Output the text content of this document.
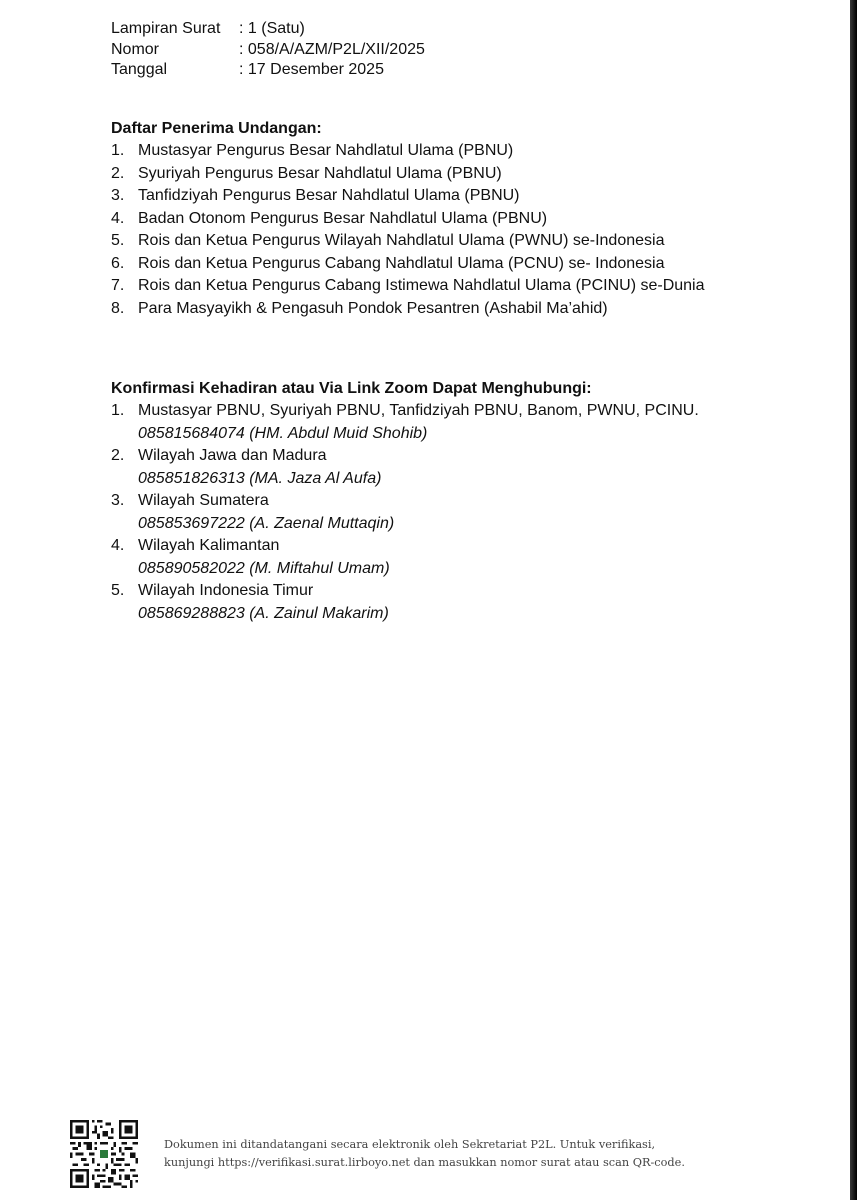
Lampiran Surat	: 1 (Satu)
Nomor	: 058/A/AZM/P2L/XII/2025
Tanggal	: 17 Desember 2025
Daftar Penerima Undangan:
1. Mustasyar Pengurus Besar Nahdlatul Ulama (PBNU)
2. Syuriyah Pengurus Besar Nahdlatul Ulama (PBNU)
3. Tanfidziyah Pengurus Besar Nahdlatul Ulama (PBNU)
4. Badan Otonom Pengurus Besar Nahdlatul Ulama (PBNU)
5. Rois dan Ketua Pengurus Wilayah Nahdlatul Ulama (PWNU) se-Indonesia
6. Rois dan Ketua Pengurus Cabang Nahdlatul Ulama (PCNU) se- Indonesia
7. Rois dan Ketua Pengurus Cabang Istimewa Nahdlatul Ulama (PCINU) se-Dunia
8. Para Masyayikh & Pengasuh Pondok Pesantren (Ashabil Ma’ahid)
Konfirmasi Kehadiran atau Via Link Zoom Dapat Menghubungi:
1. Mustasyar PBNU, Syuriyah PBNU, Tanfidziyah PBNU, Banom, PWNU, PCINU.
085815684074 (HM. Abdul Muid Shohib)
2. Wilayah Jawa dan Madura
085851826313 (MA. Jaza Al Aufa)
3. Wilayah Sumatera
085853697222 (A. Zaenal Muttaqin)
4. Wilayah Kalimantan
085890582022 (M. Miftahul Umam)
5. Wilayah Indonesia Timur
085869288823 (A. Zainul Makarim)
Dokumen ini ditandatangani secara elektronik oleh Sekretariat P2L. Untuk verifikasi,
kunjungi https://verifikasi.surat.lirboyo.net dan masukkan nomor surat atau scan QR-code.
